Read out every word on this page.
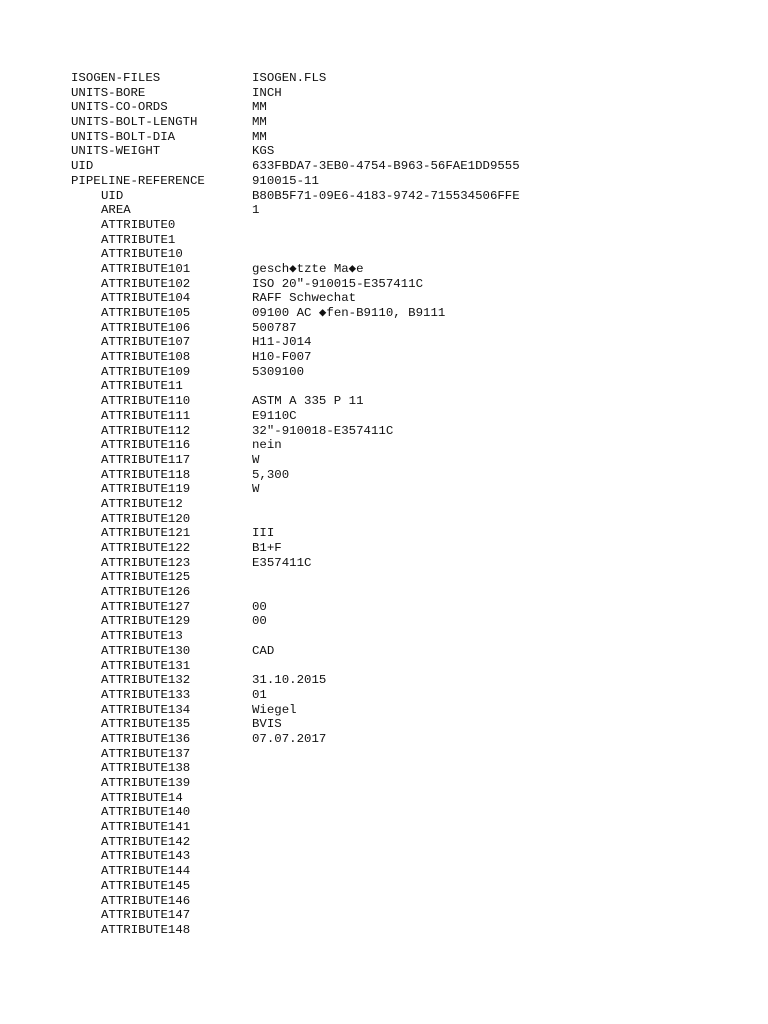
ISOGEN-FILES	ISOGEN.FLS
UNITS-BORE	INCH
UNITS-CO-ORDS	MM
UNITS-BOLT-LENGTH	MM
UNITS-BOLT-DIA	MM
UNITS-WEIGHT	KGS
UID	633FBDA7-3EB0-4754-B963-56FAE1DD9555
PIPELINE-REFERENCE	910015-11
UID	B80B5F71-09E6-4183-9742-715534506FFE
AREA	1
ATTRIBUTE0
ATTRIBUTE1
ATTRIBUTE10
ATTRIBUTE101	gesch◆tzte Ma◆e
ATTRIBUTE102	ISO 20"-910015-E357411C
ATTRIBUTE104	RAFF Schwechat
ATTRIBUTE105	09100 AC ◆fen-B9110, B9111
ATTRIBUTE106	500787
ATTRIBUTE107	H11-J014
ATTRIBUTE108	H10-F007
ATTRIBUTE109	5309100
ATTRIBUTE11
ATTRIBUTE110	ASTM A 335 P 11
ATTRIBUTE111	E9110C
ATTRIBUTE112	32"-910018-E357411C
ATTRIBUTE116	nein
ATTRIBUTE117	W
ATTRIBUTE118	5,300
ATTRIBUTE119	W
ATTRIBUTE12
ATTRIBUTE120
ATTRIBUTE121	III
ATTRIBUTE122	B1+F
ATTRIBUTE123	E357411C
ATTRIBUTE125
ATTRIBUTE126
ATTRIBUTE127	00
ATTRIBUTE129	00
ATTRIBUTE13
ATTRIBUTE130	CAD
ATTRIBUTE131
ATTRIBUTE132	31.10.2015
ATTRIBUTE133	01
ATTRIBUTE134	Wiegel
ATTRIBUTE135	BVIS
ATTRIBUTE136	07.07.2017
ATTRIBUTE137
ATTRIBUTE138
ATTRIBUTE139
ATTRIBUTE14
ATTRIBUTE140
ATTRIBUTE141
ATTRIBUTE142
ATTRIBUTE143
ATTRIBUTE144
ATTRIBUTE145
ATTRIBUTE146
ATTRIBUTE147
ATTRIBUTE148
